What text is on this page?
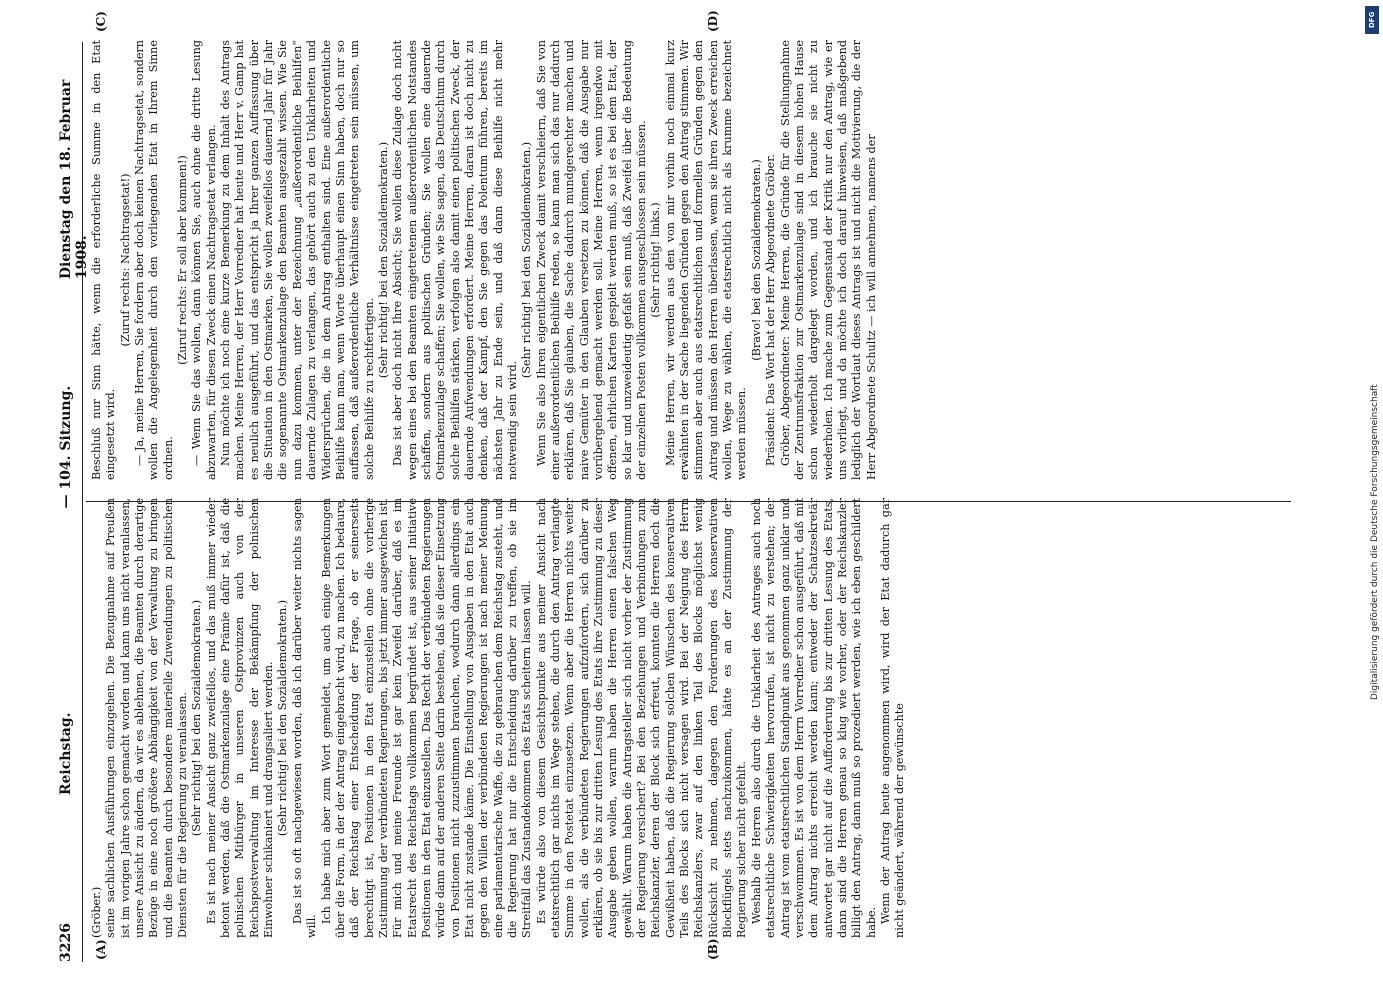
3226
Reichstag.
— 104. Sitzung.
Dienstag den 18. Februar 1908.
(A)	(B)
(C)	(D)

(Gröber.) seine sachlichen Ausführungen einzugehen. Die Bezugnahme auf Preußen ist im vorigen Jahre schon gemacht worden und kann uns nicht veranlassen, unsere Ansicht zu ändern, da wir es ablehnen, die Beamten durch derartige Bezüge in eine noch größere Abhängigkeit von der Verwaltung zu bringen und die Beamten durch besondere materielle Zuwendungen zu politischen Diensten für die Regierung zu veranlassen. (Sehr richtig! bei den Sozialdemokraten.) Es ist nach meiner Ansicht ganz zweifellos, und das muß immer wieder betont werden, daß die Ostmarkenzulage eine Prämie dafür ist, daß die polnischen Mitbürger in unseren Ostprovinzen auch von der Reichspostverwaltung im Interesse der Bekämpfung der polnischen Einwohner schikaniert und drangsaliert werden. (Sehr richtig! bei den Sozialdemokraten.) Das ist so oft nachgewiesen worden, daß ich darüber weiter nichts sagen will.

Ich habe mich aber zum Wort gemeldet, um auch einige Bemerkungen über die Form, in der der Antrag eingebracht wird, zu machen. Ich bedaure, daß der Reichstag einer Entscheidung der Frage, ob er seinerseits berechtigt ist, Positionen in den Etat einzustellen ohne die vorherige Zustimmung der verbündeten Regierungen, bis jetzt immer ausgewichen ist. Für mich und meine Freunde ist gar kein Zweifel darüber, daß es im Etatsrecht des Reichstags vollkommen begründet ist, aus seiner Initiative Positionen in den Etat einzustellen. Das Recht der verbündeten Regierungen würde dann auf der anderen Seite darin bestehen, daß sie dieser Einsetzung von Positionen nicht zuzustimmen brauchen, wodurch dann allerdings ein Etat nicht zustande käme. Die Einstellung von Ausgaben in den Etat auch gegen den Willen der verbündeten Regierungen ist nach meiner Meinung eine parlamentarische Waffe, die zu gebrauchen dem Reichstag zusteht, und die Regierung hat nur die Entscheidung darüber zu treffen, ob sie im Streitfall das Zustandekommen des Etats scheitern lassen will. Es würde also von diesem Gesichtspunkte aus meiner Ansicht nach etatsrechtlich gar nichts im Wege stehen, die durch den Antrag verlangte Summe in den Postetat einzusetzen. Wenn aber die Herren nichts weiter wollen, als die verbündeten Regierungen aufzufordern, sich darüber zu erklären, ob sie bis zur dritten Lesung des Etats ihre Zustimmung zu dieser Ausgabe geben wollen, warum haben die Herren einen falschen Weg gewählt. Warum haben die Antragsteller sich nicht vorher der Zustimmung der Regierung versichert? Bei den Beziehungen und Verbindungen zum Reichskanzler, deren der Block sich erfreut, konnten die Herren doch die Gewißheit haben, daß die Regierung solchen Wünschen des konservativen Teils des Blocks sich nicht versagen wird. Bei der Neigung des Herrn Reichskanzlers, zwar auf den linken Teil des Blocks möglichst wenig Rücksicht zu nehmen, dagegen den Forderungen des konservativen Blockflügels stets nachzukommen, hätte es an der Zustimmung der Regierung sicher nicht gefehlt. Weshalb die Herren also durch die Unklarheit des Antrages auch noch etatsrechtliche Schwierigkeiten hervorrufen, ist nicht zu verstehen; der Antrag ist vom etatsrechtlichen Standpunkt aus genommen ganz unklar und verschwommen. Es ist von dem Herrn Vorredner schon ausgeführt, daß mit dem Antrag nichts erreicht werden kann; entweder der Schatzsekretär antwortet gar nicht auf die Aufforderung bis zur dritten Lesung des Etats, dann sind die Herren genau so klug wie vorher, oder der Reichskanzler billigt den Antrag, dann muß so prozediert werden, wie ich eben geschildert habe. Wenn der Antrag heute angenommen wird, wird der Etat dadurch gar nicht geändert, während der gewünschte

Beschluß nur Sinn hätte, wenn die erforderliche Summe in den Etat eingesetzt wird.

(Zuruf rechts: Nachtragsetat!) — Ja, meine Herren, Sie fordern aber doch keinen Nachtragsetat, sondern wollen die Angelegenheit durch den vorliegenden Etat in Ihrem Sinne ordnen.

(Zuruf rechts: Er soll aber kommen!) — Wenn Sie das wollen, dann können Sie, auch ohne die dritte Lesung abzuwarten, für diesen Zweck einen Nachtragsetat verlangen. Nun möchte ich noch eine kurze Bemerkung zu dem Inhalt des Antrags machen. Meine Herren, der Herr Vorredner hat heute und Herr v. Gamp hat es neulich ausgeführt, und das entspricht ja Ihrer ganzen Auffassung über die Situation in den Ostmarken, Sie wollen zweifellos dauernd Jahr für Jahr die sogenannte Ostmarkenzulage den Beamten ausgezahlt wissen. Wie Sie nun dazu kommen, unter der Bezeichnung „außerordentliche Beihilfen“ dauernde Zulagen zu verlangen, das gehört auch zu den Unklarheiten und Widersprüchen, die in dem Antrag enthalten sind. Eine außerordentliche Beihilfe kann man, wenn Worte überhaupt einen Sinn haben, doch nur so auffassen, daß außerordentliche Verhältnisse eingetreten sein müssen, um solche Beihilfe zu rechtfertigen.

(Sehr richtig! bei den Sozialdemokraten.) Das ist aber doch nicht Ihre Absicht; Sie wollen diese Zulage doch nicht wegen eines bei den Beamten eingetretenen außerordentlichen Notstandes schaffen, sondern aus politischen Gründen; Sie wollen eine dauernde Ostmarkenzulage schaffen; Sie wollen, wie Sie sagen, das Deutschtum durch solche Beihilfen stärken, verfolgen also damit einen politischen Zweck, der dauernde Aufwendungen erfordert. Meine Herren, daran ist doch nicht zu denken, daß der Kampf, den Sie gegen das Polentum führen, bereits im nächsten Jahr zu Ende sein, und daß dann diese Beihilfe nicht mehr notwendig sein wird.

(Sehr richtig! bei den Sozialdemokraten.) Wenn Sie also Ihren eigentlichen Zweck damit verschleiern, daß Sie von einer außerordentlichen Beihilfe reden, so kann man sich das nur dadurch erklären, daß Sie glauben, die Sache dadurch mundgerechter machen und naive Gemüter in den Glauben versetzen zu können, daß die Ausgabe nur vorübergehend gemacht werden soll. Meine Herren, wenn irgendwo mit offenen, ehrlichen Karten gespielt werden muß, so ist es bei dem Etat, der so klar und unzweideutig gefaßt sein muß, daß Zweifel über die Bedeutung der einzelnen Posten vollkommen ausgeschlossen sein müssen. (Sehr richtig! links.) Meine Herren, wir werden aus den von mir vorhin noch einmal kurz erwähnten in der Sache liegenden Gründen gegen den Antrag stimmen. Wir stimmen aber auch aus etatsrechtlichen und formellen Gründen gegen den Antrag und müssen den Herren überlassen, wenn sie ihren Zweck erreichen wollen, Wege zu wählen, die etatsrechtlich nicht als krumme bezeichnet werden müssen.

(Bravo! bei den Sozialdemokraten.) Präsident: Das Wort hat der Herr Abgeordnete Gröber. Gröber, Abgeordneter: Meine Herren, die Gründe für die Stellungnahme der Zentrumsfraktion zur Ostmarkenzulage sind in diesem hohen Hause schon wiederholt dargelegt worden, und ich brauche sie nicht zu wiederholen. Ich mache zum Gegenstand der Kritik nur den Antrag, wie er uns vorliegt, und da möchte ich doch darauf hinweisen, daß maßgebend lediglich der Wortlaut dieses Antrags ist und nicht die Motivierung, die der Herr Abgeordnete Schultz — ich will annehmen, namens der

DFG
Digitalisierung gefördert durch die Deutsche Forschungsgemeinschaft
